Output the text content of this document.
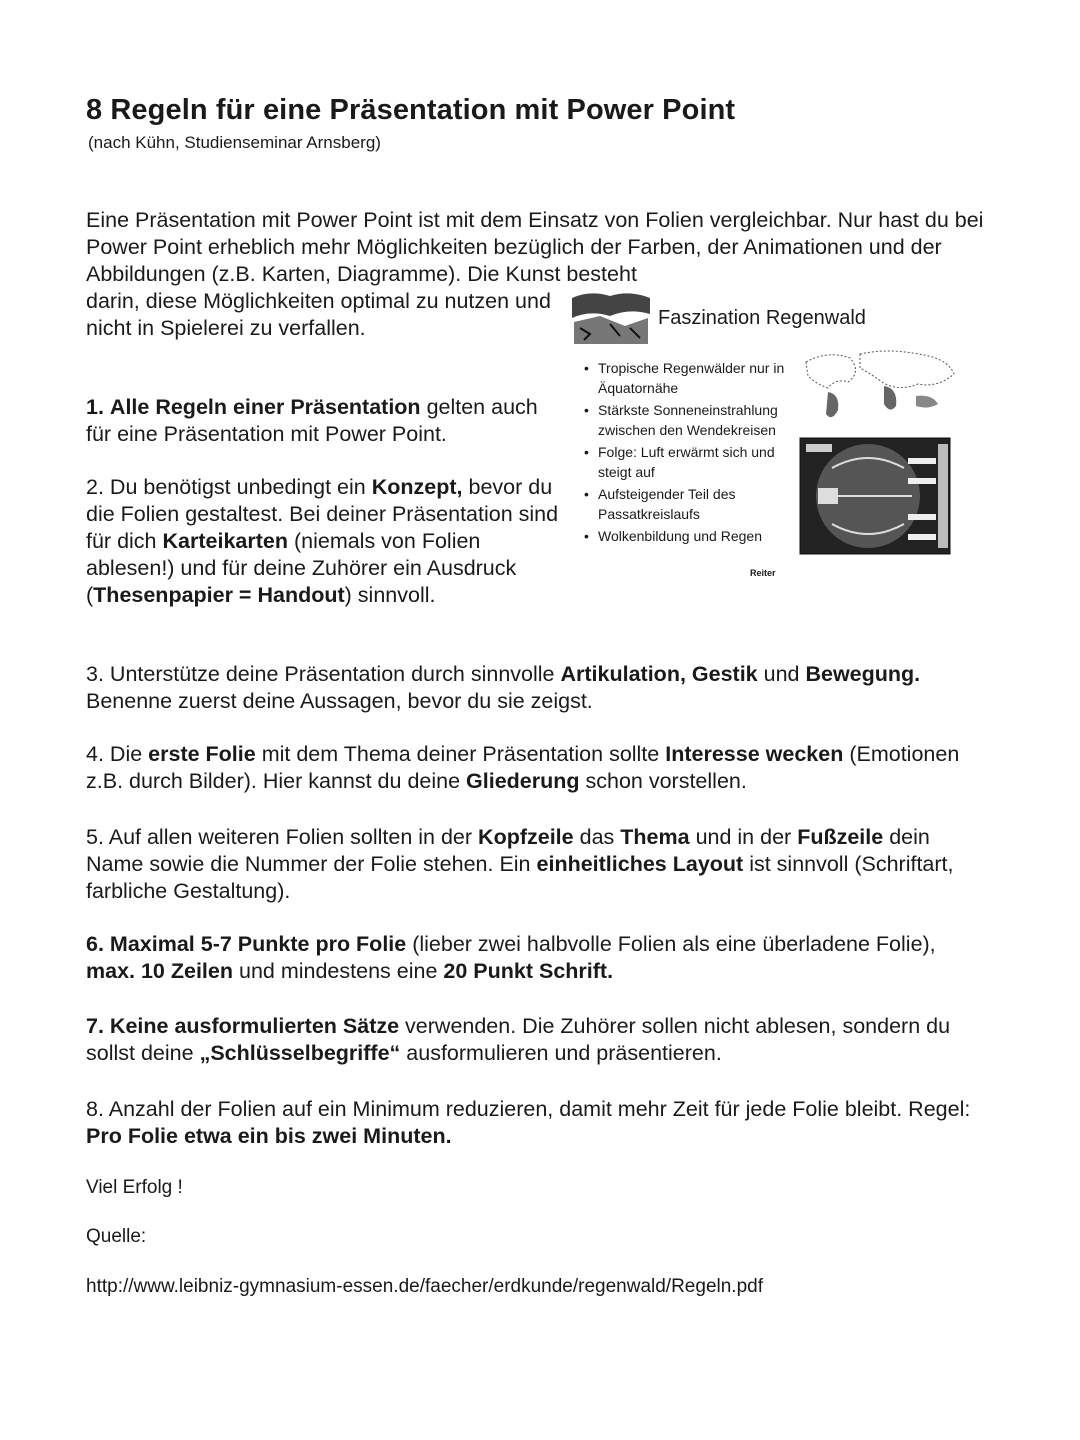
8 Regeln für eine Präsentation mit Power Point
(nach Kühn, Studienseminar Arnsberg)
Eine Präsentation mit Power Point ist mit dem Einsatz von Folien vergleichbar. Nur hast du bei Power Point erheblich mehr Möglichkeiten bezüglich der Farben, der Animationen und der Abbildungen (z.B. Karten, Diagramme). Die Kunst besteht
darin, diese Möglichkeiten optimal zu nutzen und nicht in Spielerei zu verfallen.	Faszination Regenwald
• Tropische Regenwälder nur in Äquatornähe
• Stärkste Sonneneinstrahlung zwischen den Wendekreisen
• Folge: Luft erwärmt sich und steigt auf
• Aufsteigender Teil des Passatkreislaufs
• Wolkenbildung und Regen
Reiter
1. Alle Regeln einer Präsentation gelten auch für eine Präsentation mit Power Point.
2. Du benötigst unbedingt ein Konzept, bevor du die Folien gestaltest. Bei deiner Präsentation sind für dich Karteikarten (niemals von Folien ablesen!) und für deine Zuhörer ein Ausdruck (Thesenpapier = Handout) sinnvoll.
3. Unterstütze deine Präsentation durch sinnvolle Artikulation, Gestik und Bewegung. Benenne zuerst deine Aussagen, bevor du sie zeigst.
4. Die erste Folie mit dem Thema deiner Präsentation sollte Interesse wecken (Emotionen z.B. durch Bilder). Hier kannst du deine Gliederung schon vorstellen.
5. Auf allen weiteren Folien sollten in der Kopfzeile das Thema und in der Fußzeile dein Name sowie die Nummer der Folie stehen. Ein einheitliches Layout ist sinnvoll (Schriftart, farbliche Gestaltung).
6. Maximal 5-7 Punkte pro Folie (lieber zwei halbvolle Folien als eine überladene Folie), max. 10 Zeilen und mindestens eine 20 Punkt Schrift.
7. Keine ausformulierten Sätze verwenden. Die Zuhörer sollen nicht ablesen, sondern du sollst deine „Schlüsselbegriffe“ ausformulieren und präsentieren.
8. Anzahl der Folien auf ein Minimum reduzieren, damit mehr Zeit für jede Folie bleibt. Regel: Pro Folie etwa ein bis zwei Minuten.
Viel Erfolg !
Quelle:
http://www.leibniz-gymnasium-essen.de/faecher/erdkunde/regenwald/Regeln.pdf
